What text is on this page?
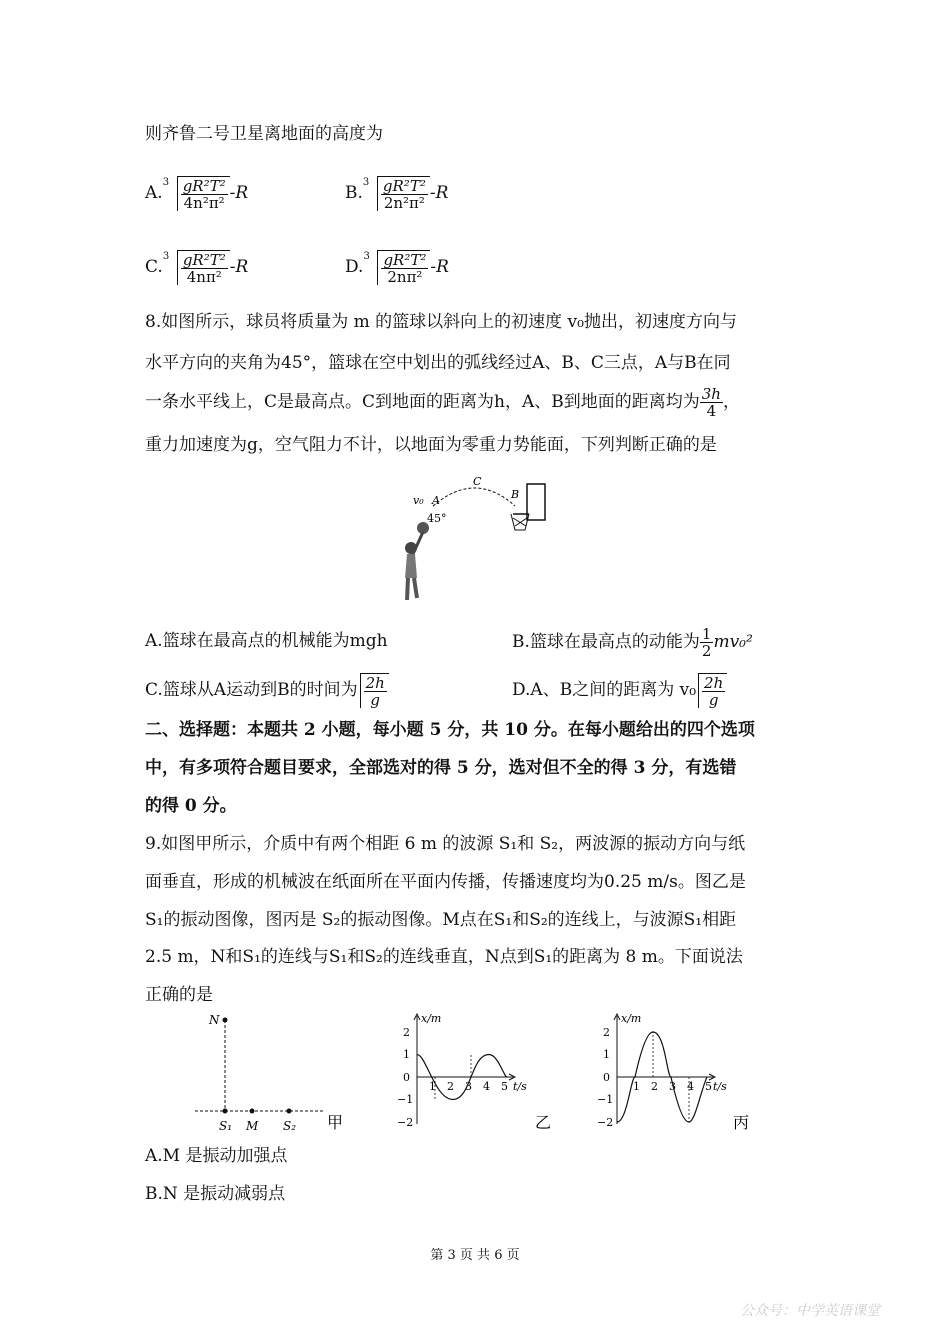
则齐鲁二号卫星离地面的高度为
A.
$3 \frac{\text{gR²T²}}{\text{4n²π²}} -R$	B.
$3 \frac{\text{gR²T²}}{\text{2n²π²}} -R$
C.
$3 \frac{\text{gR²T²}}{\text{4nπ²}} -R$	D.
$3 \frac{\text{gR²T²}}{\text{2nπ²}} -R$
8.如图所示，球员将质量为 m 的篮球以斜向上的初速度 v₀抛出，初速度方向与
水平方向的夹角为45°，篮球在空中划出的弧线经过A、B、C三点，A与B在同
一条水平线上，C是最高点。C到地面的距离为h，A、B到地面的距离均为 $\frac{3h}{4}$ ，
重力加速度为g，空气阻力不计，以地面为零重力势能面，下列判断正确的是
C
v₀ A	B
45°
A.篮球在最高点的机械能为mgh	B.篮球在最高点的动能为 $\frac{1}{2} mv_0^2$
C.篮球从A运动到B的时间为 $\frac{2h}{g}$	D.A、B之间的距离为 $v_0 \frac{2h}{g}$
二、选择题：本题共 2 小题，每小题 5 分，共 10 分。在每小题给出的四个选项
中，有多项符合题目要求，全部选对的得 5 分，选对但不全的得 3 分，有选错
的得 0 分。
9.如图甲所示，介质中有两个相距 6 m 的波源 S₁和 S₂，两波源的振动方向与纸
面垂直，形成的机械波在纸面所在平面内传播，传播速度均为0.25 m/s。图乙是
S₁的振动图像，图丙是 S₂的振动图像。M点在S₁和S₂的连线上，与波源S₁相距
2.5 m，N和S₁的连线与S₁和S₂的连线垂直，N点到S₁的距离为 8 m。下面说法
正确的是
N
S₁ M S₂ 甲
x/m
t/s
2
1
0
−1
−2
1 2 3 4 5
乙
x/m
t/s
2
1
0
−1
−2
1 2 3 4 5
丙
A.M 是振动加强点
B.N 是振动减弱点
第 3 页 共 6 页
公众号：中学英语课堂
